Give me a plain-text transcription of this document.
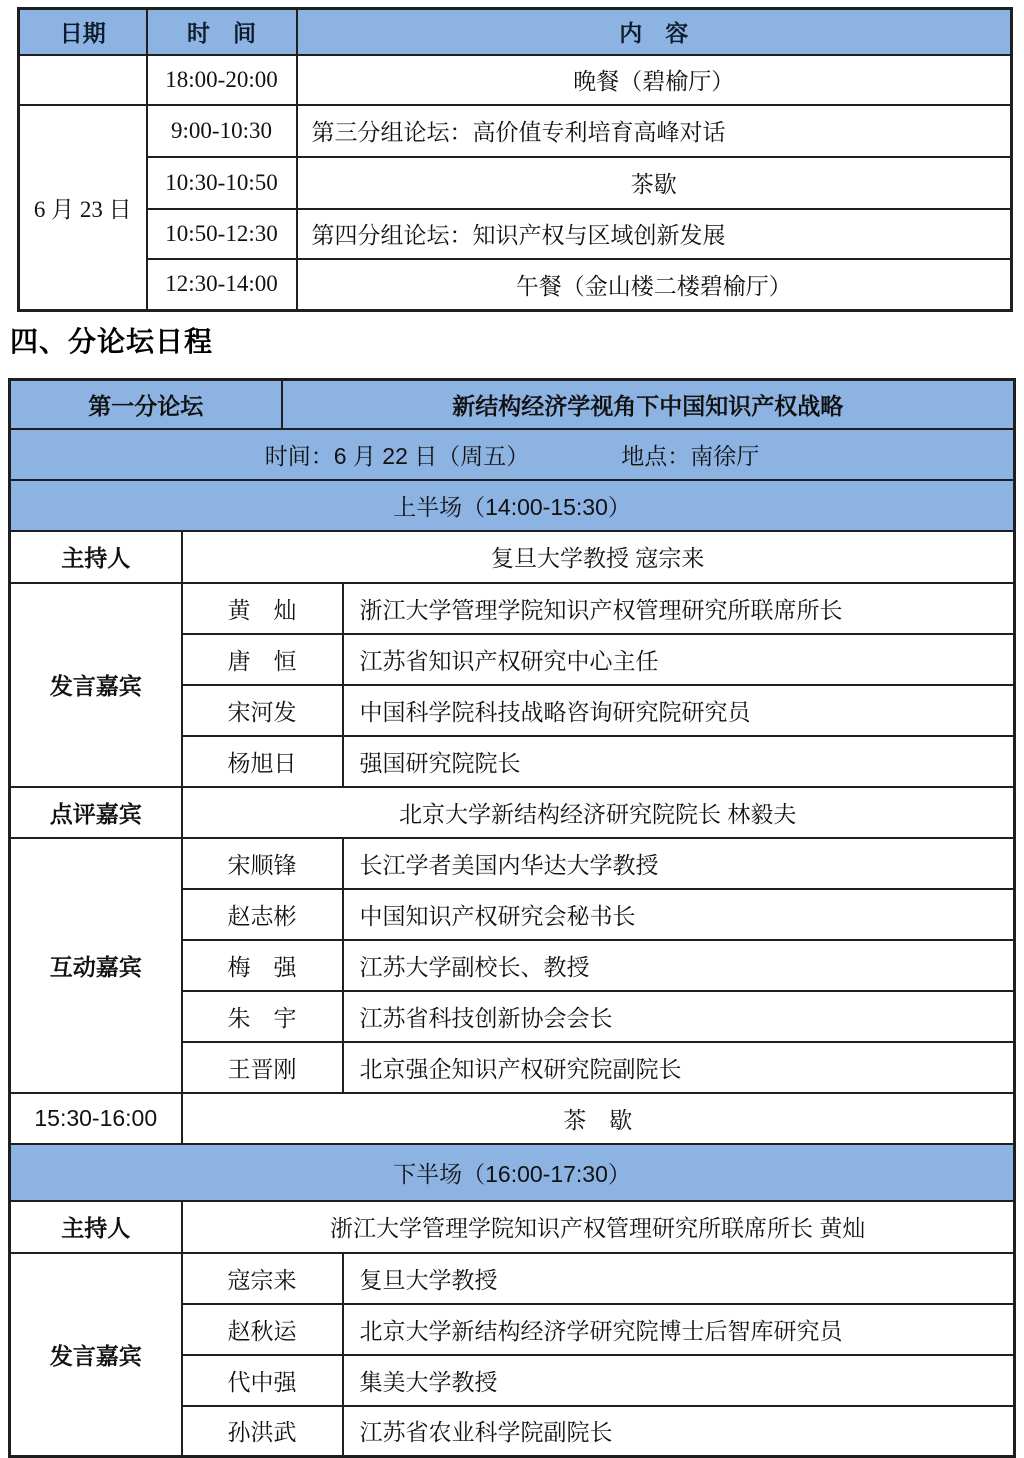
日期	时　间	内　容
	18:00-20:00	晚餐（碧榆厅）
6 月 23 日	9:00-10:30	第三分组论坛：高价值专利培育高峰对话
	10:30-10:50	茶歇
	10:50-12:30	第四分组论坛：知识产权与区域创新发展
	12:30-14:00	午餐（金山楼二楼碧榆厅）
四、分论坛日程
第一分论坛		新结构经济学视角下中国知识产权战略	

时间：6 月 22 日（周五） 地点：南徐厅			

上半场（14:00-15:30）			
主持人	复旦大学教授 寇宗来		
发言嘉宾	黄　灿		浙江大学管理学院知识产权管理研究所联席所长
	唐　恒		江苏省知识产权研究中心主任
	宋河发		中国科学院科技战略咨询研究院研究员
	杨旭日		强国研究院院长
点评嘉宾	北京大学新结构经济研究院院长 林毅夫		
互动嘉宾	宋顺锋		长江学者美国内华达大学教授
	赵志彬		中国知识产权研究会秘书长
	梅　强		江苏大学副校长、教授
	朱　宇		江苏省科技创新协会会长
	王晋刚		北京强企知识产权研究院副院长
15:30-16:00	茶　歇		
下半场（16:00-17:30）			
主持人	浙江大学管理学院知识产权管理研究所联席所长 黄灿		
发言嘉宾	寇宗来		复旦大学教授
	赵秋运		北京大学新结构经济学研究院博士后智库研究员
	代中强		集美大学教授
	孙洪武		江苏省农业科学院副院长
